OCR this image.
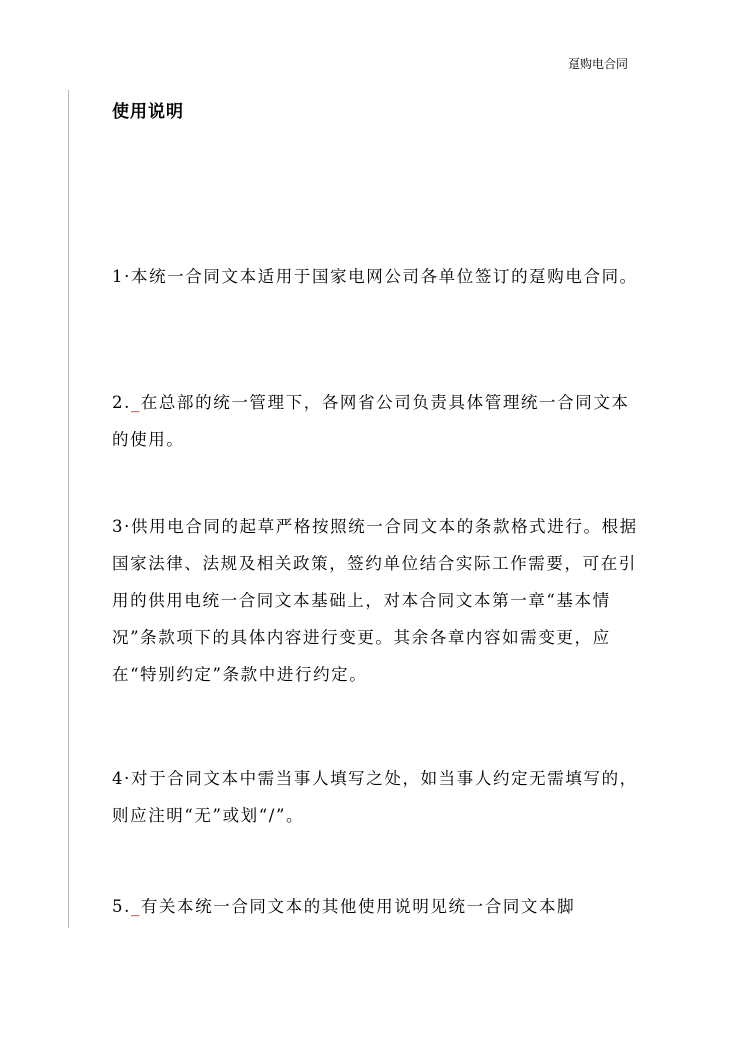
趸购电合同
使用说明

1·本统一合同文本适用于国家电网公司各单位签订的趸购电合同。

2._在总部的统一管理下，各网省公司负责具体管理统一合同文本的使用。

3·供用电合同的起草严格按照统一合同文本的条款格式进行。根据国家法律、法规及相关政策，签约单位结合实际工作需要，可在引用的供用电统一合同文本基础上，对本合同文本第一章“基本情况”条款项下的具体内容进行变更。其余各章内容如需变更，应在“特别约定”条款中进行约定。

4·对于合同文本中需当事人填写之处，如当事人约定无需填写的，则应注明“无”或划“/”。

5._有关本统一合同文本的其他使用说明见统一合同文本脚
